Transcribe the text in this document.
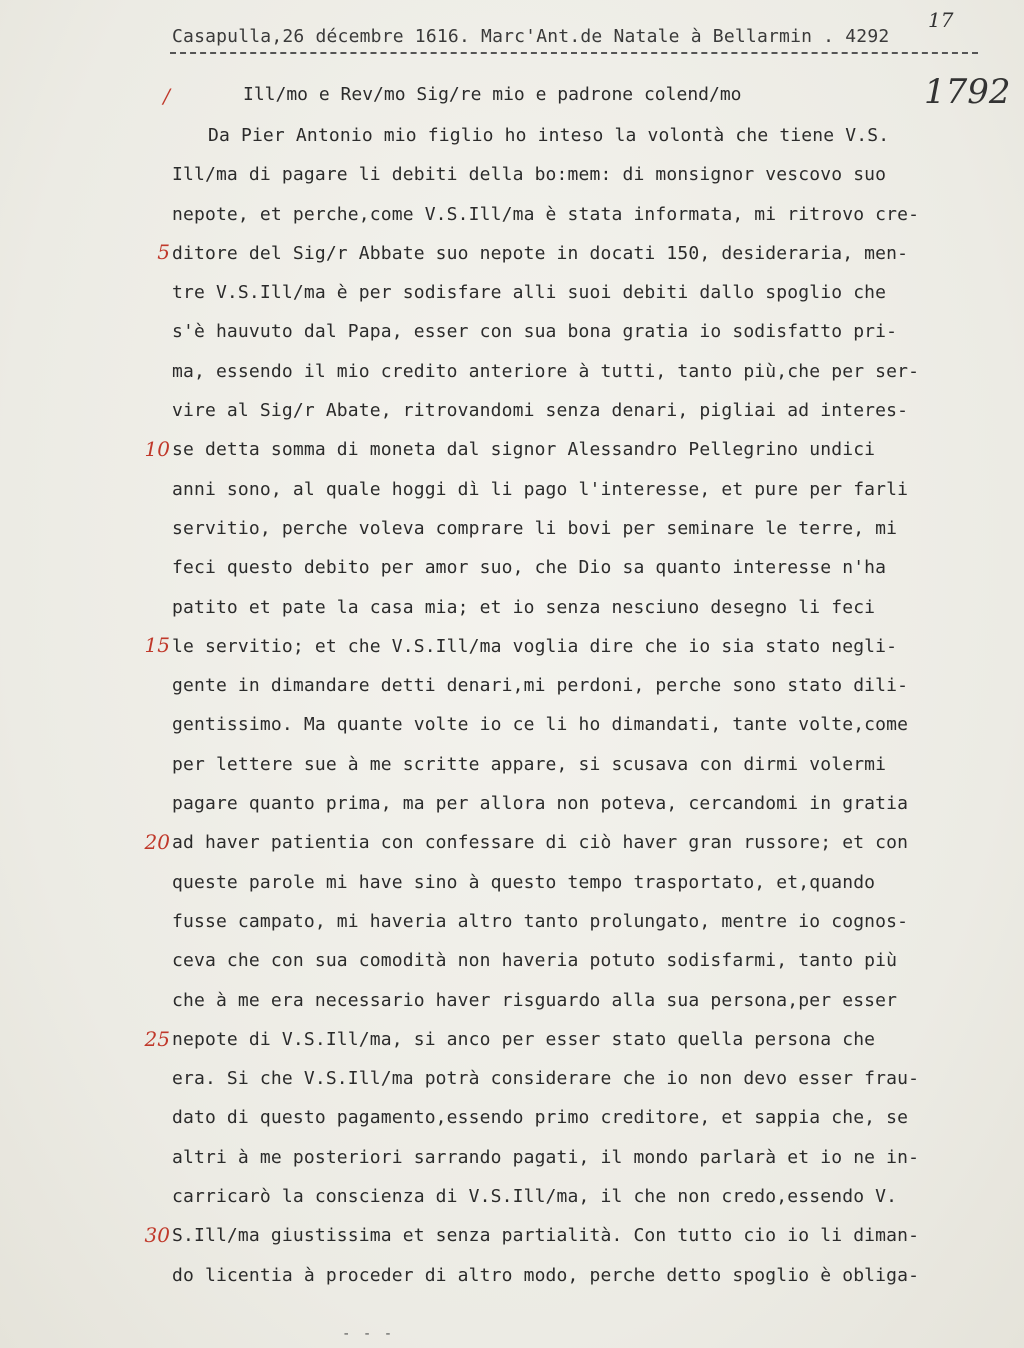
Casapulla,26 décembre 1616. Marc'Ant.de Natale à Bellarmin . 4292
17
1792
/	Ill/mo e Rev/mo Sig/re mio e padrone colend/mo
Da Pier Antonio mio figlio ho inteso la volontà che tiene V.S.
Ill/ma di pagare li debiti della bo:mem: di monsignor vescovo suo
nepote, et perche,come V.S.Ill/ma è stata informata, mi ritrovo cre-
ditore del Sig/r Abbate suo nepote in docati 150, desideraria, men-
tre V.S.Ill/ma è per sodisfare alli suoi debiti dallo spoglio che
s'è hauvuto dal Papa, esser con sua bona gratia io sodisfatto pri-
ma, essendo il mio credito anteriore à tutti, tanto più,che per ser-
vire al Sig/r Abate, ritrovandomi senza denari, pigliai ad interes-
se detta somma di moneta dal signor Alessandro Pellegrino undici
anni sono, al quale hoggi dì li pago l'interesse, et pure per farli
servitio, perche voleva comprare li bovi per seminare le terre, mi
feci questo debito per amor suo, che Dio sa quanto interesse n'ha
patito et pate la casa mia; et io senza nesciuno desegno li feci
le servitio; et che V.S.Ill/ma voglia dire che io sia stato negli-
gente in dimandare detti denari,mi perdoni, perche sono stato dili-
gentissimo. Ma quante volte io ce li ho dimandati, tante volte,come
per lettere sue à me scritte appare, si scusava con dirmi volermi
pagare quanto prima, ma per allora non poteva, cercandomi in gratia
ad haver patientia con confessare di ciò haver gran russore; et con
queste parole mi have sino à questo tempo trasportato, et,quando
fusse campato, mi haveria altro tanto prolungato, mentre io cognos-
ceva che con sua comodità non haveria potuto sodisfarmi, tanto più
che à me era necessario haver risguardo alla sua persona,per esser
nepote di V.S.Ill/ma, si anco per esser stato quella persona che
era. Si che V.S.Ill/ma potrà considerare che io non devo esser frau-
dato di questo pagamento,essendo primo creditore, et sappia che, se
altri à me posteriori sarrando pagati, il mondo parlarà et io ne in-
carricarò la conscienza di V.S.Ill/ma, il che non credo,essendo V.
S.Ill/ma giustissima et senza partialità. Con tutto cio io li diman-
do licentia à proceder di altro modo, perche detto spoglio è obliga-
5
10
15
20
25
30
- - -
